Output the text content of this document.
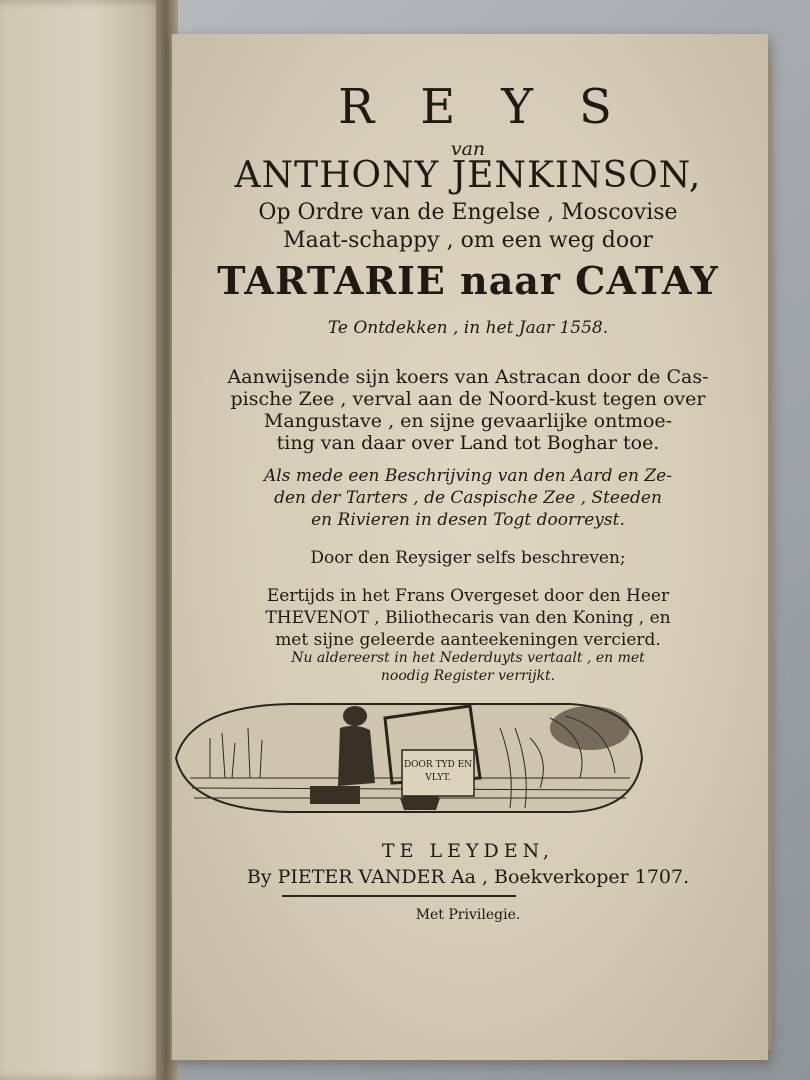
REYS
van
ANTHONY JENKINSON,
Op Ordre van de Engelse , Moscovise
Maat-schappy , om een weg door
TARTARIE naar CATAY
Te Ontdekken , in het Jaar 1558.
Aanwijsende sijn koers van Astracan door de Cas-
pische Zee , verval aan de Noord-kust tegen over
Mangustave , en sijne gevaarlijke ontmoe-
ting van daar over Land tot Boghar toe.
Als mede een Beschrijving van den Aard en Ze-
den der Tarters , de Caspische Zee , Steeden
en Rivieren in desen Togt doorreyst.
Door den Reysiger selfs beschreven;
Eertijds in het Frans Overgeset door den Heer
THEVENOT , Biliothecaris van den Koning , en
met sijne geleerde aanteekeningen vercierd.
Nu aldereerst in het Nederduyts vertaalt , en met
noodig Register verrijkt.
DOOR TYD EN
VLYT.
TE LEYDEN,
By PIETER VANDER Aa , Boekverkoper 1707.
Met Privilegie.
